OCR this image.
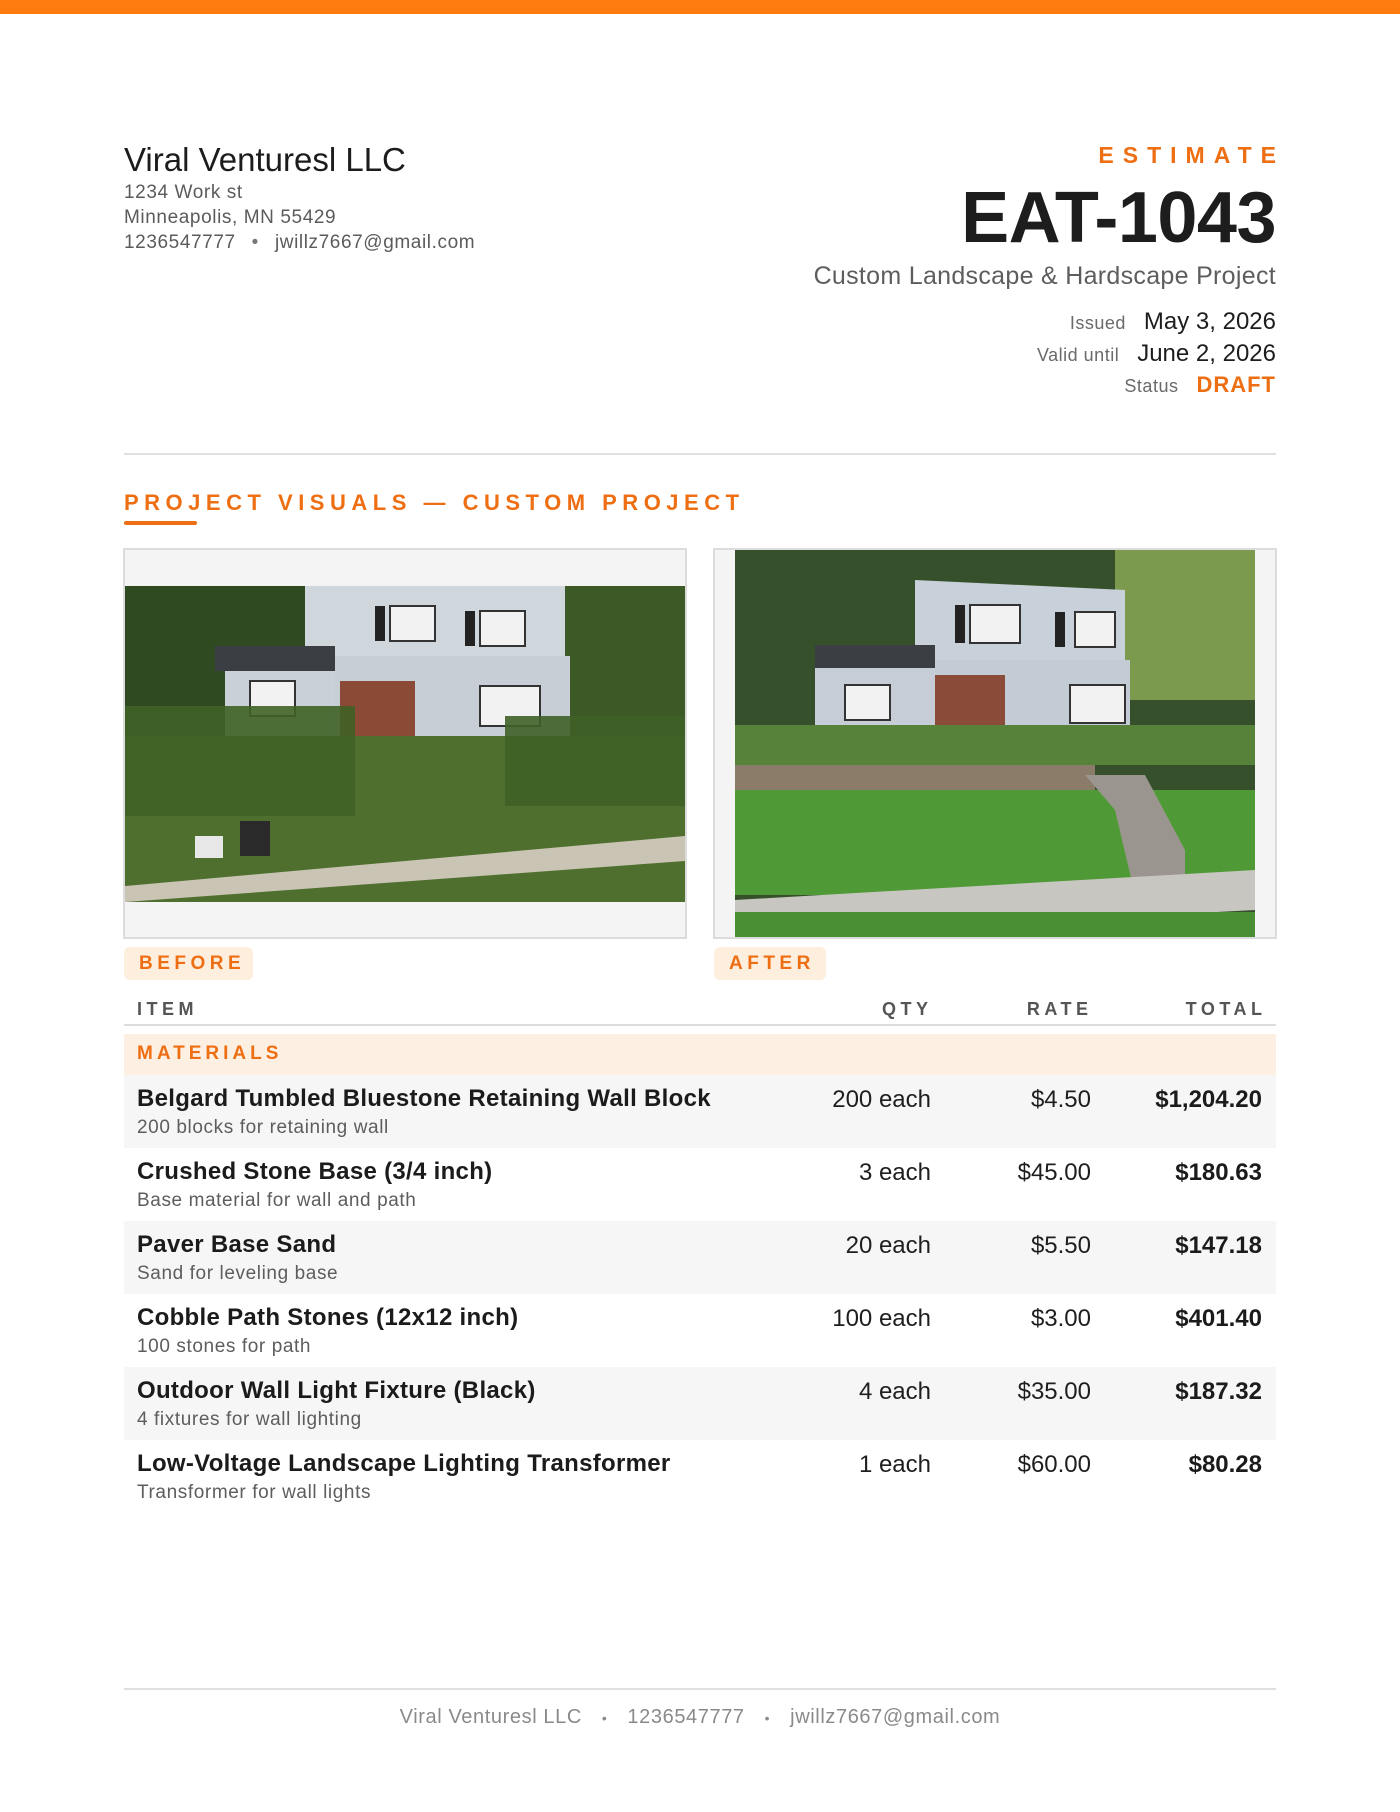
Viral Venturesl LLC
1234 Work st
Minneapolis, MN 55429
1236547777 • jwillz7667@gmail.com
ESTIMATE
EAT-1043
Custom Landscape & Hardscape Project
Issued May 3, 2026
Valid until June 2, 2026
Status DRAFT
PROJECT VISUALS — CUSTOM PROJECT
BEFORE	AFTER
ITEM	QTY	RATE	TOTAL
MATERIALS
Belgard Tumbled Bluestone Retaining Wall Block
200 blocks for retaining wall
200 each	$4.50	$1,204.20
Crushed Stone Base (3/4 inch)
Base material for wall and path
3 each	$45.00	$180.63
Paver Base Sand
Sand for leveling base
20 each	$5.50	$147.18
Cobble Path Stones (12x12 inch)
100 stones for path
100 each	$3.00	$401.40
Outdoor Wall Light Fixture (Black)
4 fixtures for wall lighting
4 each	$35.00	$187.32
Low-Voltage Landscape Lighting Transformer
Transformer for wall lights
1 each	$60.00	$80.28
Viral Venturesl LLC • 1236547777 • jwillz7667@gmail.com
